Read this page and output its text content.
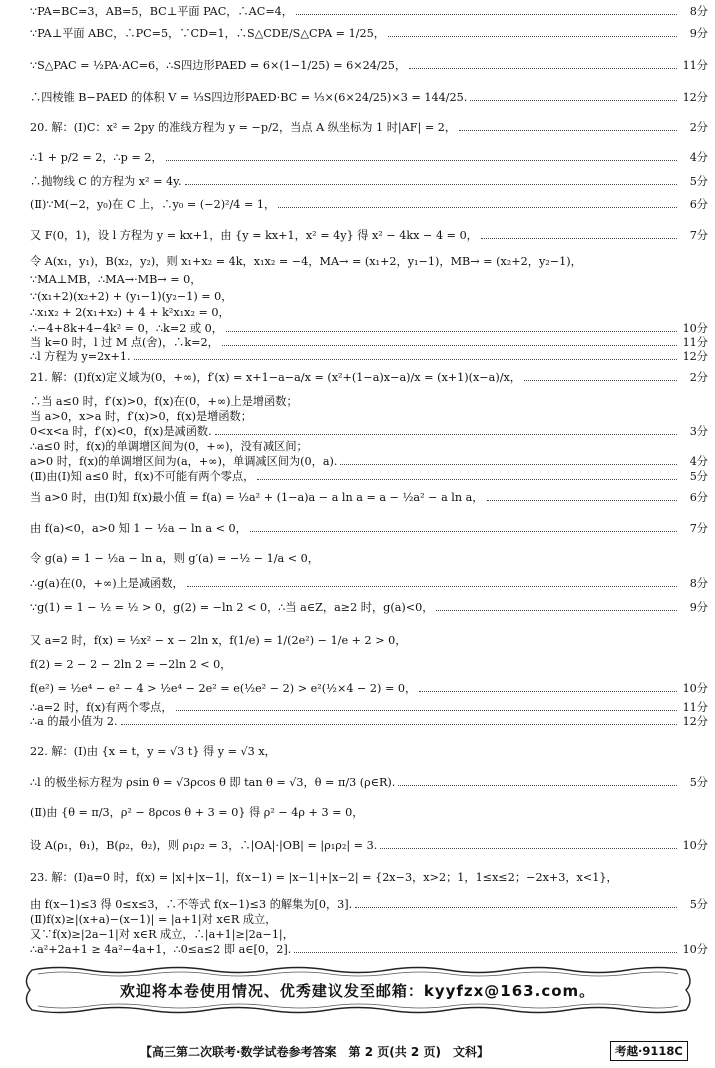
∵PA=BC=3，AB=5，BC⊥平面 PAC，∴AC=4，	8分
∵PA⊥平面 ABC，∴PC=5，∵CD=1，∴S△CDE/S△CPA = 1/25，	9分
∵S△PAC = ½PA·AC=6，∴S四边形PAED = 6×(1−1/25) = 6×24/25，	11分
∴四棱锥 B−PAED 的体积 V = ⅓S四边形PAED·BC = ⅓×(6×24/25)×3 = 144/25.	12分
20. 解：(Ⅰ)C：x² = 2py 的准线方程为 y = −p/2，当点 A 纵坐标为 1 时|AF| = 2，	2分
∴1 + p/2 = 2，∴p = 2，	4分
∴抛物线 C 的方程为 x² = 4y.	5分
(Ⅱ)∵M(−2，y₀)在 C 上，∴y₀ = (−2)²/4 = 1，	6分
又 F(0，1)，设 l 方程为 y = kx+1，由 {y = kx+1，x² = 4y} 得 x² − 4kx − 4 = 0，	7分
令 A(x₁，y₁)，B(x₂，y₂)，则 x₁+x₂ = 4k，x₁x₂ = −4，MA→ = (x₁+2，y₁−1)，MB→ = (x₂+2，y₂−1)，
∵MA⊥MB，∴MA→·MB→ = 0，
∵(x₁+2)(x₂+2) + (y₁−1)(y₂−1) = 0，
∴x₁x₂ + 2(x₁+x₂) + 4 + k²x₁x₂ = 0，
∴−4+8k+4−4k² = 0，∴k=2 或 0，	10分
当 k=0 时，l 过 M 点(舍)，∴k=2，	11分
∴l 方程为 y=2x+1.	12分
21. 解：(Ⅰ)f(x)定义域为(0，+∞)，f′(x) = x+1−a−a/x = (x²+(1−a)x−a)/x = (x+1)(x−a)/x，	2分
∴当 a≤0 时，f′(x)>0，f(x)在(0，+∞)上是增函数；
当 a>0，x>a 时，f′(x)>0，f(x)是增函数；
0<x<a 时，f′(x)<0，f(x)是减函数.	3分
∴a≤0 时，f(x)的单调增区间为(0，+∞)，没有减区间；
a>0 时，f(x)的单调增区间为(a，+∞)，单调减区间为(0，a).	4分
(Ⅱ)由(Ⅰ)知 a≤0 时，f(x)不可能有两个零点，	5分
当 a>0 时，由(Ⅰ)知 f(x)最小值 = f(a) = ½a² + (1−a)a − a ln a = a − ½a² − a ln a，	6分
由 f(a)<0，a>0 知 1 − ½a − ln a < 0，	7分
令 g(a) = 1 − ½a − ln a，则 g′(a) = −½ − 1/a < 0，
∴g(a)在(0，+∞)上是减函数，	8分
∵g(1) = 1 − ½ = ½ > 0，g(2) = −ln 2 < 0，∴当 a∈Z，a≥2 时，g(a)<0，	9分
又 a=2 时，f(x) = ½x² − x − 2ln x，f(1/e) = 1/(2e²) − 1/e + 2 > 0，
f(2) = 2 − 2 − 2ln 2 = −2ln 2 < 0，
f(e²) = ½e⁴ − e² − 4 > ½e⁴ − 2e² = e(½e² − 2) > e²(½×4 − 2) = 0，	10分
∴a=2 时，f(x)有两个零点，	11分
∴a 的最小值为 2.	12分
22. 解：(Ⅰ)由 {x = t，y = √3 t} 得 y = √3 x，
∴l 的极坐标方程为 ρsin θ = √3ρcos θ 即 tan θ = √3，θ = π/3 (ρ∈R).	5分
(Ⅱ)由 {θ = π/3，ρ² − 8ρcos θ + 3 = 0} 得 ρ² − 4ρ + 3 = 0，
设 A(ρ₁，θ₁)，B(ρ₂，θ₂)，则 ρ₁ρ₂ = 3，∴|OA|·|OB| = |ρ₁ρ₂| = 3.	10分
23. 解：(Ⅰ)a=0 时，f(x) = |x|+|x−1|，f(x−1) = |x−1|+|x−2| = {2x−3，x>2；1，1≤x≤2；−2x+3，x<1}，
由 f(x−1)≤3 得 0≤x≤3，∴不等式 f(x−1)≤3 的解集为[0，3].	5分
(Ⅱ)f(x)≥|(x+a)−(x−1)| = |a+1|对 x∈R 成立，
又∵f(x)≥|2a−1|对 x∈R 成立，∴|a+1|≥|2a−1|，
∴a²+2a+1 ≥ 4a²−4a+1，∴0≤a≤2 即 a∈[0，2].	10分
欢迎将本卷使用情况、优秀建议发至邮箱：kyyfzx@163.com。
【高三第二次联考·数学试卷参考答案　第 2 页(共 2 页)　文科】	考越·9118C
